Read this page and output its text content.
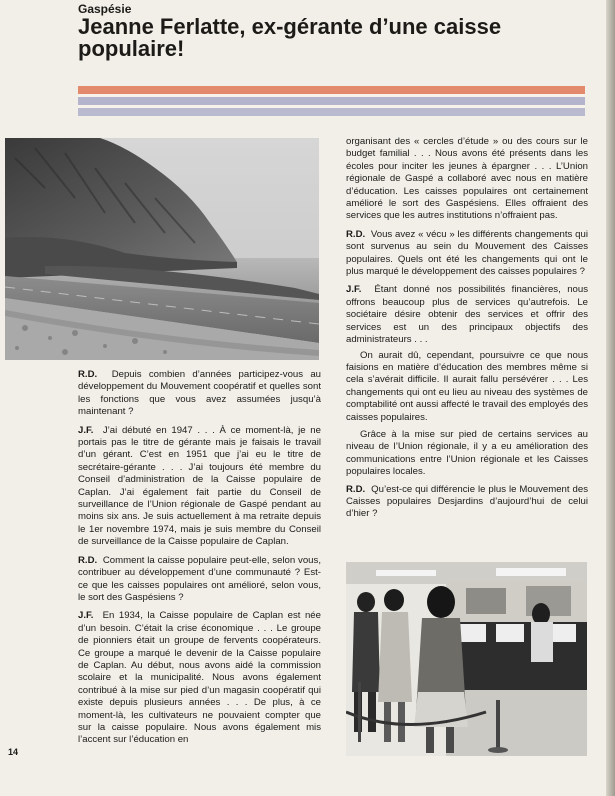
Gaspésie
Jeanne Ferlatte, ex-gérante d’une caisse populaire!

R.D. Depuis combien d’années participez-vous au développement du Mouvement coopératif et quelles sont les fonctions que vous avez assumées jusqu’à maintenant ?

J.F. J’ai débuté en 1947 . . . À ce moment-là, je ne portais pas le titre de gérante mais je faisais le travail d’un gérant. C’est en 1951 que j’ai eu le titre de secrétaire-gérante . . . J’ai toujours été membre du Conseil d’administration de la Caisse populaire de Caplan. J’ai également fait partie du Conseil de surveillance de l’Union régionale de Gaspé pendant au moins six ans. Je suis actuellement à ma retraite depuis le 1er novembre 1974, mais je suis membre du Conseil de surveillance de la Caisse populaire de Caplan.

R.D. Comment la caisse populaire peut-elle, selon vous, contribuer au développement d’une communauté ? Est-ce que les caisses populaires ont amélioré, selon vous, le sort des Gaspésiens ?

J.F. En 1934, la Caisse populaire de Caplan est née d’un besoin. C’était la crise économique . . . Le groupe de pionniers était un groupe de fervents coopérateurs. Ce groupe a marqué le devenir de la Caisse populaire de Caplan. Au début, nous avons aidé la commission scolaire et la municipalité. Nous avons également contribué à la mise sur pied d’un magasin coopératif qui existe depuis plusieurs années . . . De plus, à ce moment-là, les cultivateurs ne pouvaient compter que sur la caisse populaire. Nous avons également mis l’accent sur l’éducation en

organisant des « cercles d’étude » ou des cours sur le budget familial . . . Nous avons été présents dans les écoles pour inciter les jeunes à épargner . . . L’Union régionale de Gaspé a collaboré avec nous en matière d’éducation. Les caisses populaires ont certainement amélioré le sort des Gaspésiens. Elles offraient des services que les autres institutions n’offraient pas.

R.D. Vous avez « vécu » les différents changements qui sont survenus au sein du Mouvement des Caisses populaires. Quels ont été les changements qui ont le plus marqué le développement des caisses populaires ?

J.F. Étant donné nos possibilités financières, nous offrons beaucoup plus de services qu’autrefois. Le sociétaire désire obtenir des services et offrir des services est un des principaux objectifs des administrateurs . . .

On aurait dû, cependant, poursuivre ce que nous faisions en matière d’éducation des membres même si cela s’avérait difficile. Il aurait fallu persévérer . . . Les changements qui ont eu lieu au niveau des systèmes de comptabilité ont aussi affecté le travail des employés des caisses populaires.

Grâce à la mise sur pied de certains services au niveau de l’Union régionale, il y a eu amélioration des communications entre l’Union régionale et les Caisses populaires locales.

R.D. Qu’est-ce qui différencie le plus le Mouvement des Caisses populaires Desjardins d’aujourd’hui de celui d’hier ?

14
